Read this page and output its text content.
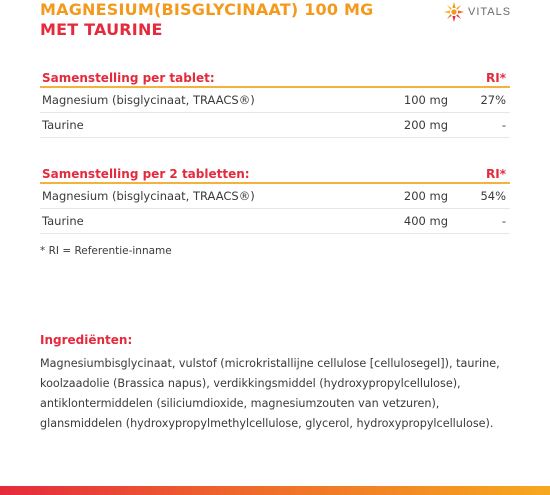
MAGNESIUM(BISGLYCINAAT) 100 MG
MET TAURINE
VITALS
Samenstelling per tablet:	RI*
Magnesium (bisglycinaat, TRAACS®)	100 mg	27%
Taurine	200 mg	-
Samenstelling per 2 tabletten:	RI*
Magnesium (bisglycinaat, TRAACS®)	200 mg	54%
Taurine	400 mg	-
* RI = Referentie-inname
Ingrediënten:
Magnesiumbisglycinaat, vulstof (microkristallijne cellulose [cellulosegel]), taurine, koolzaadolie (Brassica napus), verdikkingsmiddel (hydroxypropylcellulose), antiklontermiddelen (siliciumdioxide, magnesiumzouten van vetzuren), glansmiddelen (hydroxypropylmethylcellulose, glycerol, hydroxypropylcellulose).
